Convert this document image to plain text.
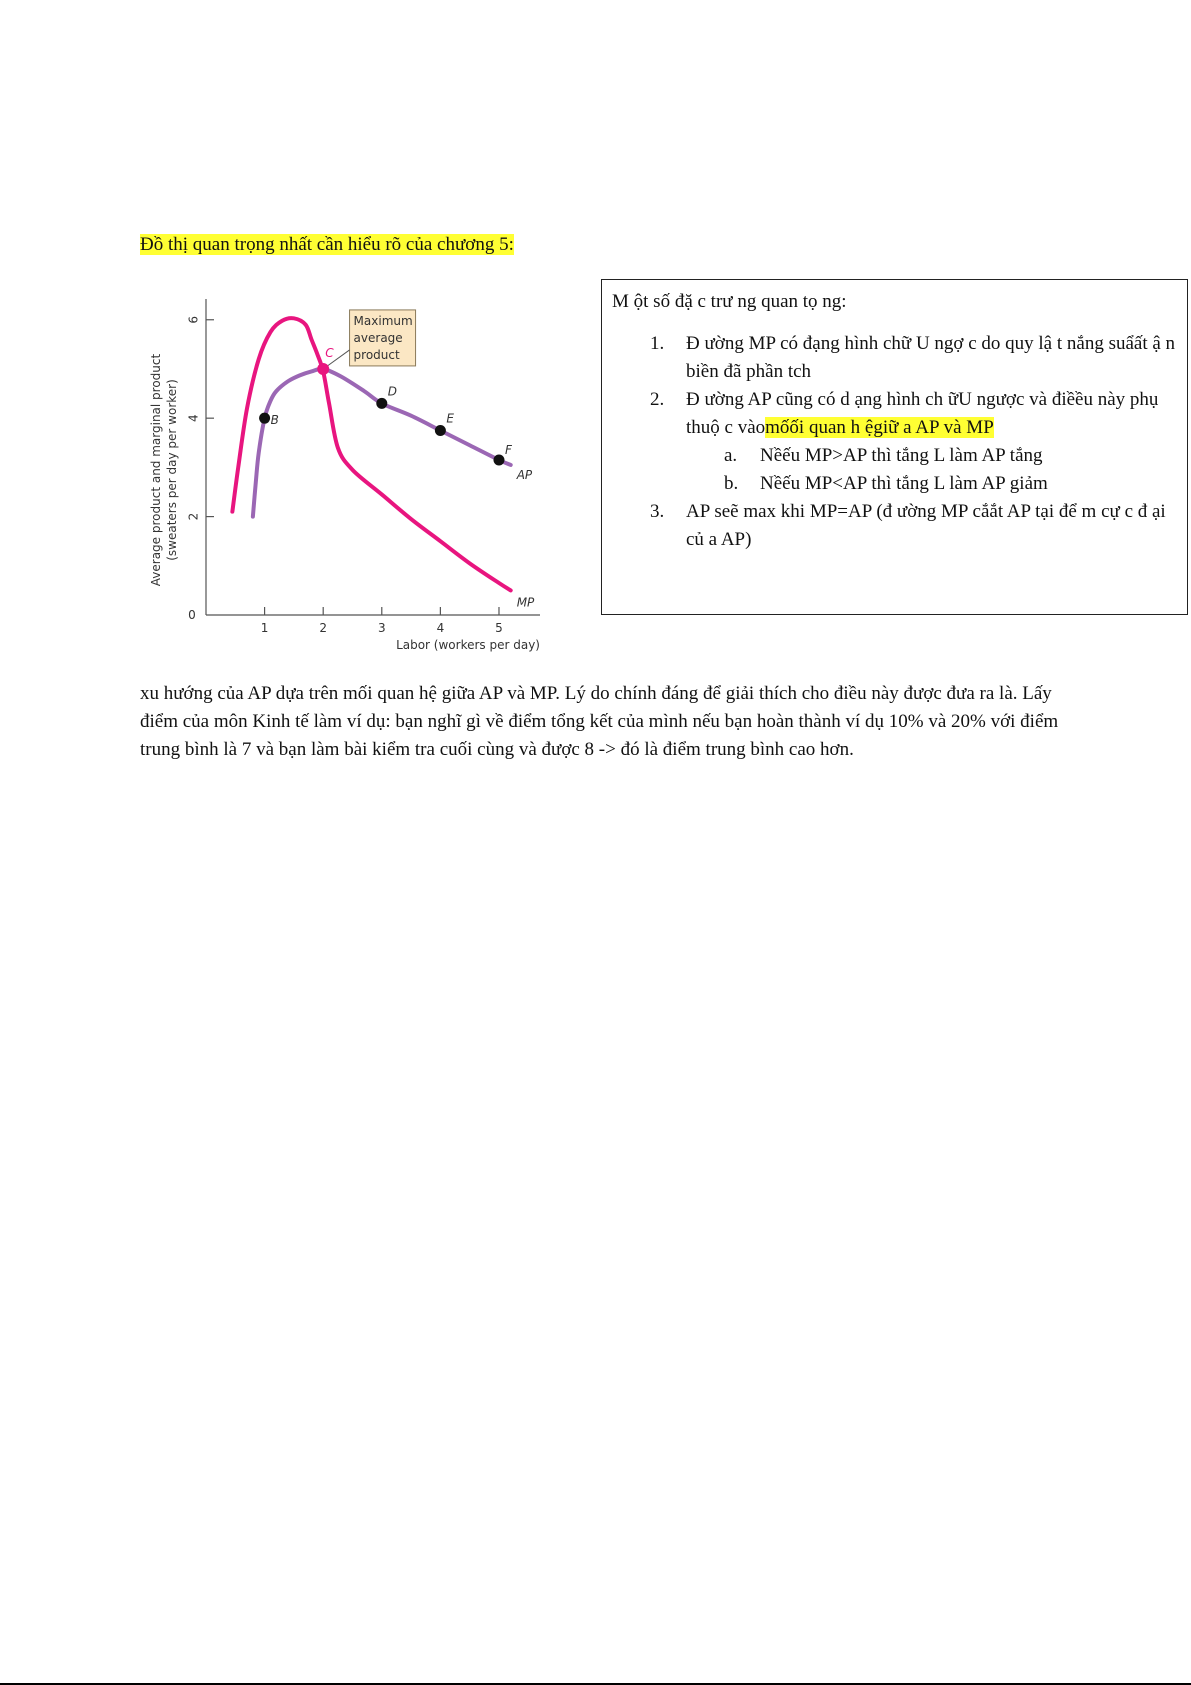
Đồ thị quan trọng nhất cần hiểu rõ của chương 5:
1	2	3	4	5
0
2
4
6
Labor (workers per day)
Average product and marginal product (sweaters per day per worker)
MP
AP
Maximum
average
product
B
C
D
E
F
M ột số đặ c trư ng quan tọ ng:
1. Đ ường MP có đạng hình chữ U ngợ c do quy lậ t nắng suẩất ậ n biền đã phần tch
2. Đ ường AP cũng có d ạng hình ch ữU ngược và điềều này phụ thuộ c vàomốối quan h ệgiữ a AP và MP
a. Nềếu MP>AP thì tắng L làm AP tắng
b. Nềếu MP<AP thì tắng L làm AP giảm
3. AP seẽ max khi MP=AP (đ ường MP cắắt AP tại để m cự c đ ại củ a AP)
xu hướng của AP dựa trên mối quan hệ giữa AP và MP. Lý do chính đáng để giải thích cho điều này được đưa ra là. Lấy điểm của môn Kinh tế làm ví dụ: bạn nghĩ gì về điểm tổng kết của mình nếu bạn hoàn thành ví dụ 10% và 20% với điểm trung bình là 7 và bạn làm bài kiểm tra cuối cùng và được 8 -> đó là điểm trung bình cao hơn.
